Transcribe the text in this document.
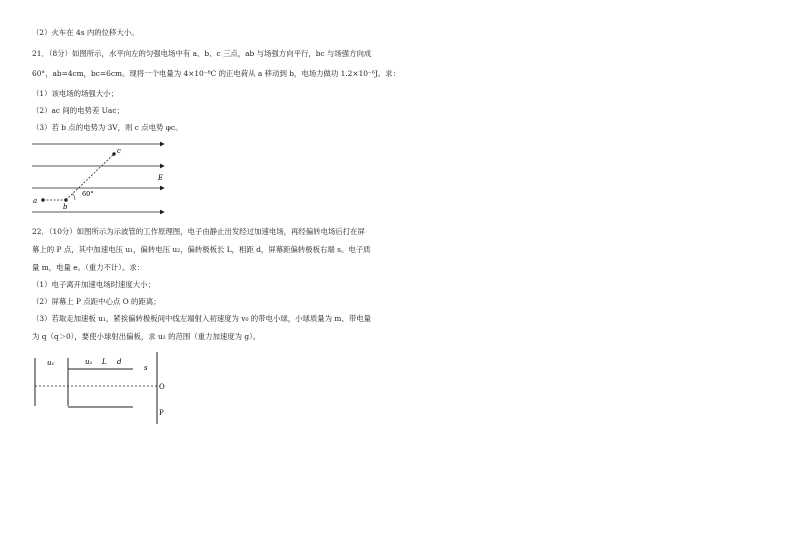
（2）火车在 4s 内的位移大小。
21．（8分）如图所示，水平向左的匀强电场中有 a、b、c 三点，ab 与场强方向平行，bc 与场强方向成
60°，ab=4cm，bc=6cm。现将一个电量为 4×10⁻⁸C 的正电荷从 a 移动到 b，电场力做功 1.2×10⁻⁶J。求：
（1）该电场的场强大小；
（2）ac 间的电势差 Uac；
（3）若 b 点的电势为 3V，则 c 点电势 φc。
c
E
60°
a
b
22．（10分）如图所示为示波管的工作原理图，电子由静止出发经过加速电场，再经偏转电场后打在屏
幕上的 P 点，其中加速电压 u₁，偏转电压 u₂，偏转极板长 L，相距 d，屏幕距偏转极板右端 s。电子质
量 m，电量 e。（重力不计）。求：
（1）电子离开加速电场时速度大小；
（2）屏幕上 P 点距中心点 O 的距离；
（3）若取走加速板 u₁，紧挨偏转极板间中线左端射入初速度为 v₀ 的带电小球，小球质量为 m、带电量
为 q（q＞0），要使小球射出偏板，求 u₂ 的范围（重力加速度为 g）。
u₁	u₂ L d
s
O
P
